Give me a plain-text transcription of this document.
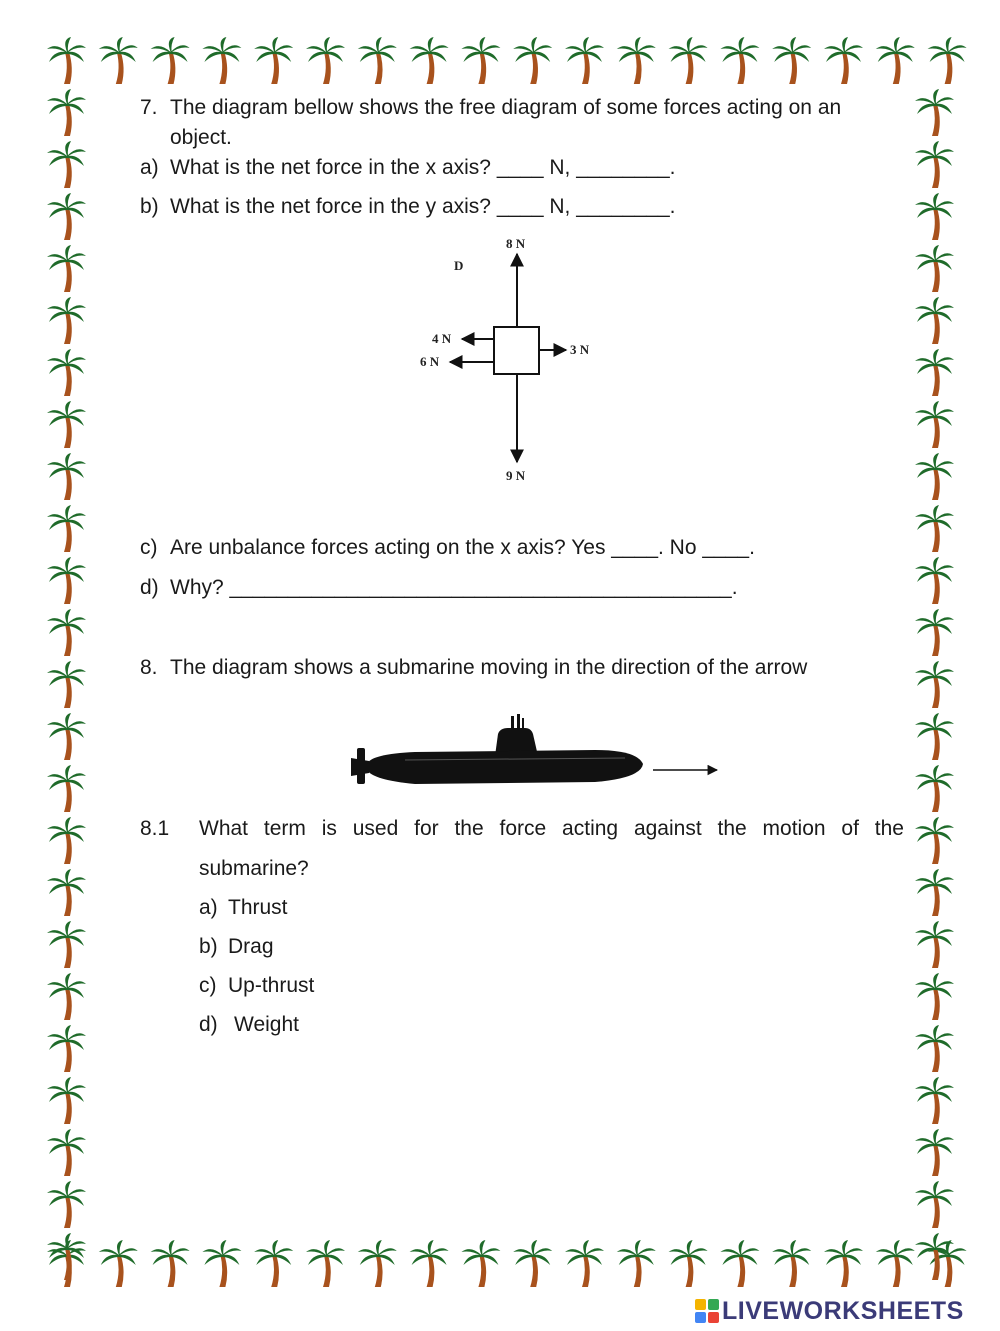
7. The diagram bellow shows the free diagram of some forces acting on an
object.
a) What is the net force in the x axis? ____ N, ________.
b) What is the net force in the y axis? ____ N, ________.
D
8 N
4 N
6 N
3 N
9 N
c) Are unbalance forces acting on the x axis? Yes ____. No ____.
d) Why? ___________________________________________.
8. The diagram shows a submarine moving in the direction of the arrow
8.1 What term is used for the force acting against the motion of the
submarine?
a) Thrust
b) Drag
c) Up-thrust
d) Weight
LIVEWORKSHEETS
